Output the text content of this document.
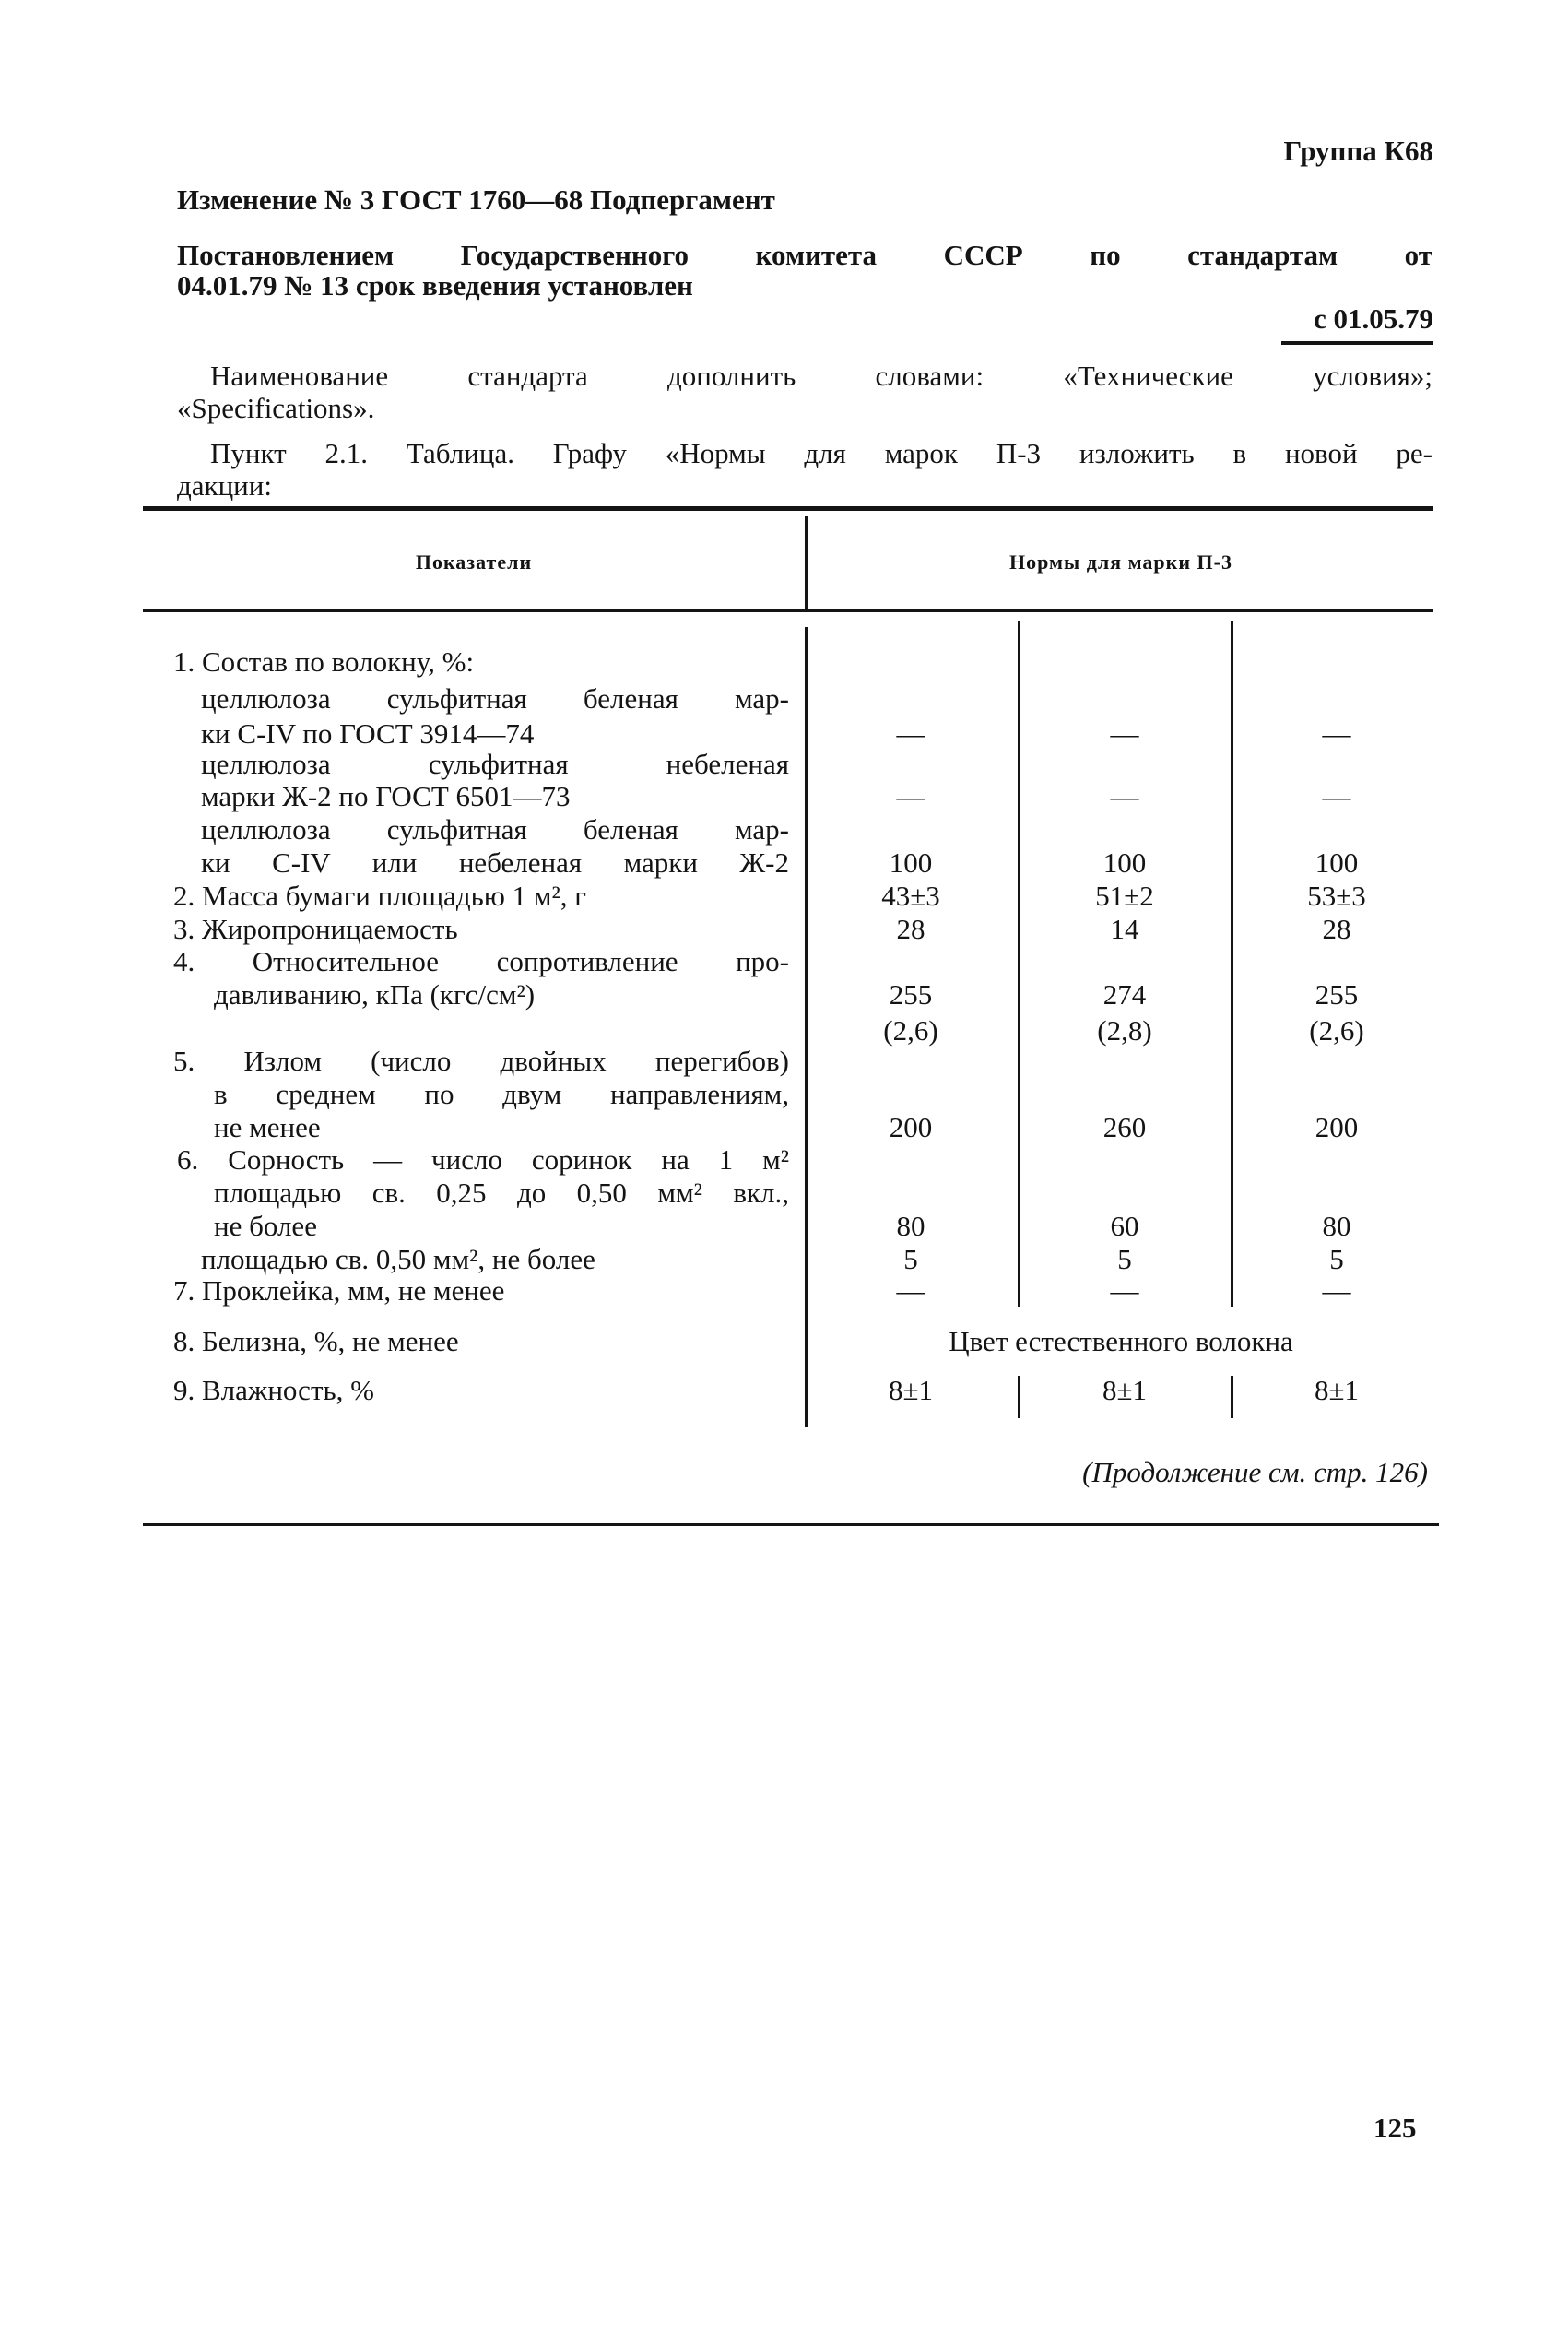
Группа К68
Изменение № 3 ГОСТ 1760—68 Подпергамент
Постановлением Государственного комитета СССР по стандартам от
04.01.79 № 13 срок введения установлен
с 01.05.79
Наименование стандарта дополнить словами: «Технические условия»;
«Specifications».
Пункт 2.1. Таблица. Графу «Нормы для марок П-3 изложить в новой ре-
дакции:
Показатели	Нормы для марки П-3
1. Состав по волокну, %:
целлюлоза сульфитная беленая мар-
ки C-IV по ГОСТ 3914—74	—	—	—
целлюлоза сульфитная небеленая
марки Ж-2 по ГОСТ 6501—73	—	—	—
целлюлоза сульфитная беленая мар-
ки C-IV или небеленая марки Ж-2	100	100	100
2. Масса бумаги площадью 1 м², г	43±3	51±2	53±3
3. Жиропроницаемость	28	14	28
4. Относительное сопротивление про-
давливанию, кПа (кгс/см²)	255	274	255
(2,6)	(2,8)	(2,6)
5. Излом (число двойных перегибов)
в среднем по двум направлениям,
не менее	200	260	200
6. Сорность — число соринок на 1 м²
площадью св. 0,25 до 0,50 мм² вкл.,
не более	80	60	80
площадью св. 0,50 мм², не более	5	5	5
7. Проклейка, мм, не менее	—	—	—
8. Белизна, %, не менее	Цвет естественного волокна
9. Влажность, %	8±1	8±1	8±1
(Продолжение см. стр. 126)
125
